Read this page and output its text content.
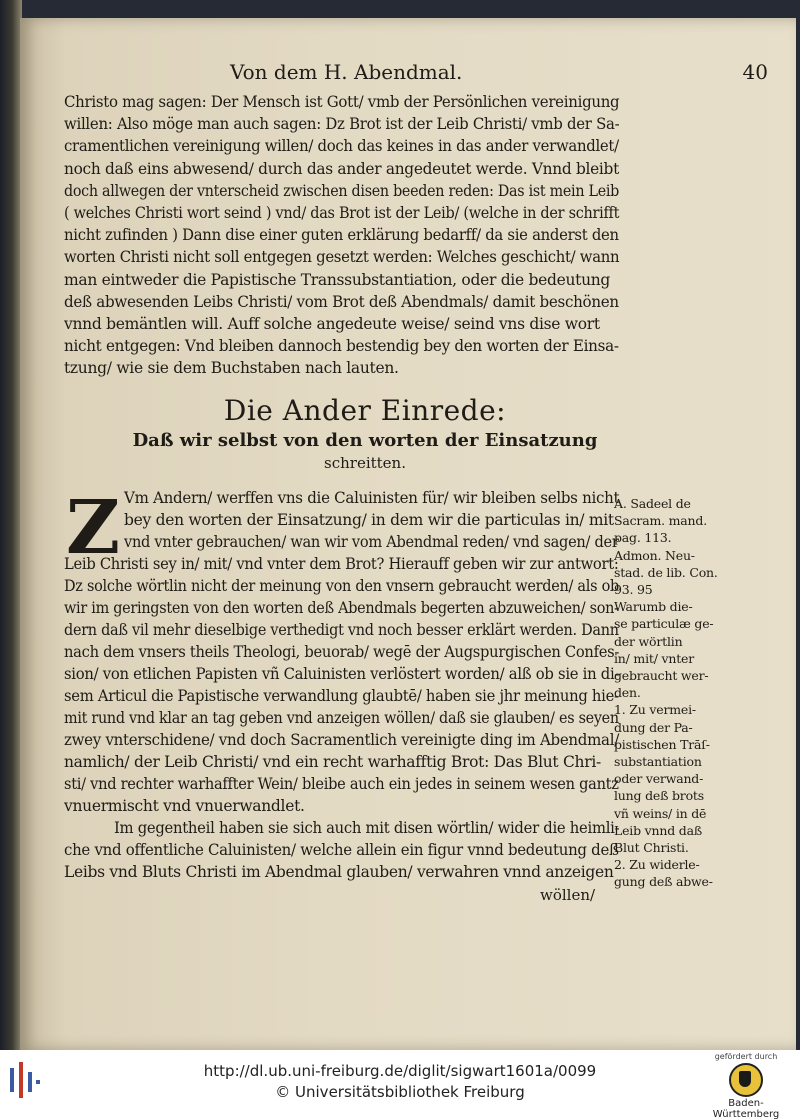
Von dem H. Abendmal.	40
Christo mag sagen: Der Mensch ist Gott/ vmb der Persönlichen vereinigung
willen: Also möge man auch sagen: Dz Brot ist der Leib Christi/ vmb der Sa-
cramentlichen vereinigung willen/ doch das keines in das ander verwandlet/
noch daß eins abwesend/ durch das ander angedeutet werde. Vnnd bleibt
doch allwegen der vnterscheid zwischen disen beeden reden: Das ist mein Leib
( welches Christi wort seind ) vnd/ das Brot ist der Leib/ (welche in der schrifft
nicht zufinden ) Dann dise einer guten erklärung bedarff/ da sie anderst den
worten Christi nicht soll entgegen gesetzt werden: Welches geschicht/ wann
man eintweder die Papistische Transsubstantiation, oder die bedeutung
deß abwesenden Leibs Christi/ vom Brot deß Abendmals/ damit beschönen
vnnd bemäntlen will. Auff solche angedeute weise/ seind vns dise wort
nicht entgegen: Vnd bleiben dannoch bestendig bey den worten der Einsa-
tzung/ wie sie dem Buchstaben nach lauten.
Die Ander Einrede:
Daß wir selbst von den worten der Einsatzung
schreitten.
Z Vm Andern/ werffen vns die Caluinisten für/ wir bleiben selbs nicht
bey den worten der Einsatzung/ in dem wir die particulas in/ mit
vnd vnter gebrauchen/ wan wir vom Abendmal reden/ vnd sagen/ der
Leib Christi sey in/ mit/ vnd vnter dem Brot? Hierauff geben wir zur antwort:
Dz solche wörtlin nicht der meinung von den vnsern gebraucht werden/ als ob
wir im geringsten von den worten deß Abendmals begerten abzuweichen/ son-
dern daß vil mehr dieselbige verthedigt vnd noch besser erklärt werden. Dann
nach dem vnsers theils Theologi, beuorab/ wegē der Augspurgischen Confes-
sion/ von etlichen Papisten vñ Caluinisten verlöstert worden/ alß ob sie in di-
sem Articul die Papistische verwandlung glaubtē/ haben sie jhr meinung hie-
mit rund vnd klar an tag geben vnd anzeigen wöllen/ daß sie glauben/ es seyen
zwey vnterschidene/ vnd doch Sacramentlich vereinigte ding im Abendmal/
namlich/ der Leib Christi/ vnd ein recht warhafftig Brot: Das Blut Chri-
sti/ vnd rechter warhaffter Wein/ bleibe auch ein jedes in seinem wesen gantz
vnuermischt vnd vnuerwandlet.
Im gegentheil haben sie sich auch mit disen wörtlin/ wider die heimli-
che vnd offentliche Caluinisten/ welche allein ein figur vnnd bedeutung deß
Leibs vnd Bluts Christi im Abendmal glauben/ verwahren vnnd anzeigen
wöllen/
A. Sadeel de
Sacram. mand.
pag. 113.
Admon. Neu-
stad. de lib. Con.
93. 95
Warumb die-
se particulæ ge-
der wörtlin
in/ mit/ vnter
gebraucht wer-
den.
1. Zu vermei-
dung der Pa-
pistischen Trāſ-
substantiation
oder verwand-
lung deß brots
vñ weins/ in dē
Leib vnnd daß
Blut Christi.
2. Zu widerle-
gung deß abwe-
http://dl.ub.uni-freiburg.de/diglit/sigwart1601a/0099
© Universitätsbibliothek Freiburg
gefördert durch
Baden-Württemberg
